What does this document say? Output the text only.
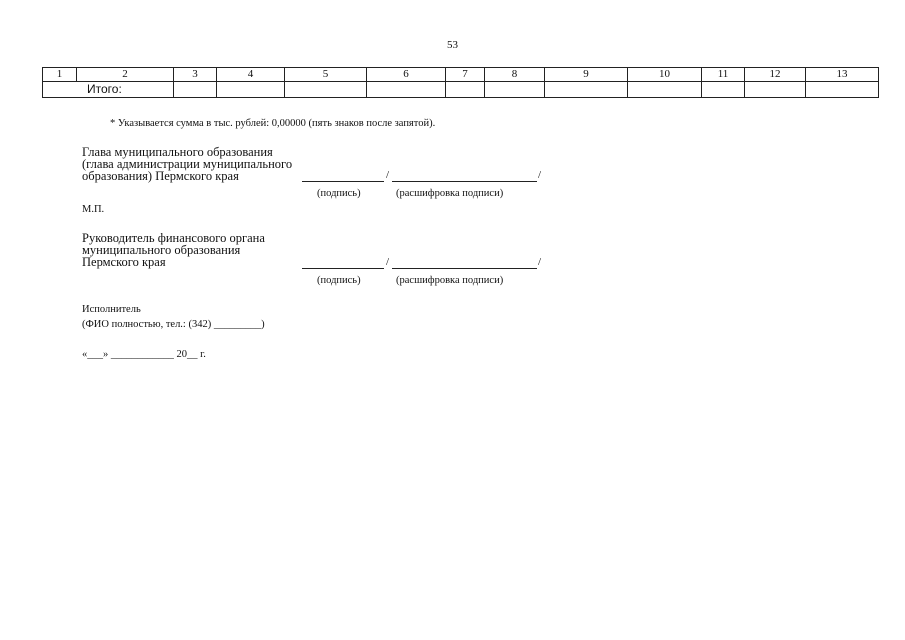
53
1	2	3	4	5	6	7	8	9	10	11	12	13
Итого:												
* Указывается сумма в тыс. рублей: 0,00000 (пять знаков после запятой).
Глава муниципального образования
(глава администрации муниципального
образования) Пермского края	/	/
(подпись)	(расшифровка подписи)
М.П.
Руководитель финансового органа
муниципального образования
Пермского края	/	/
(подпись)	(расшифровка подписи)
Исполнитель
(ФИО полностью, тел.: (342) _________)
«___» ____________ 20__ г.
